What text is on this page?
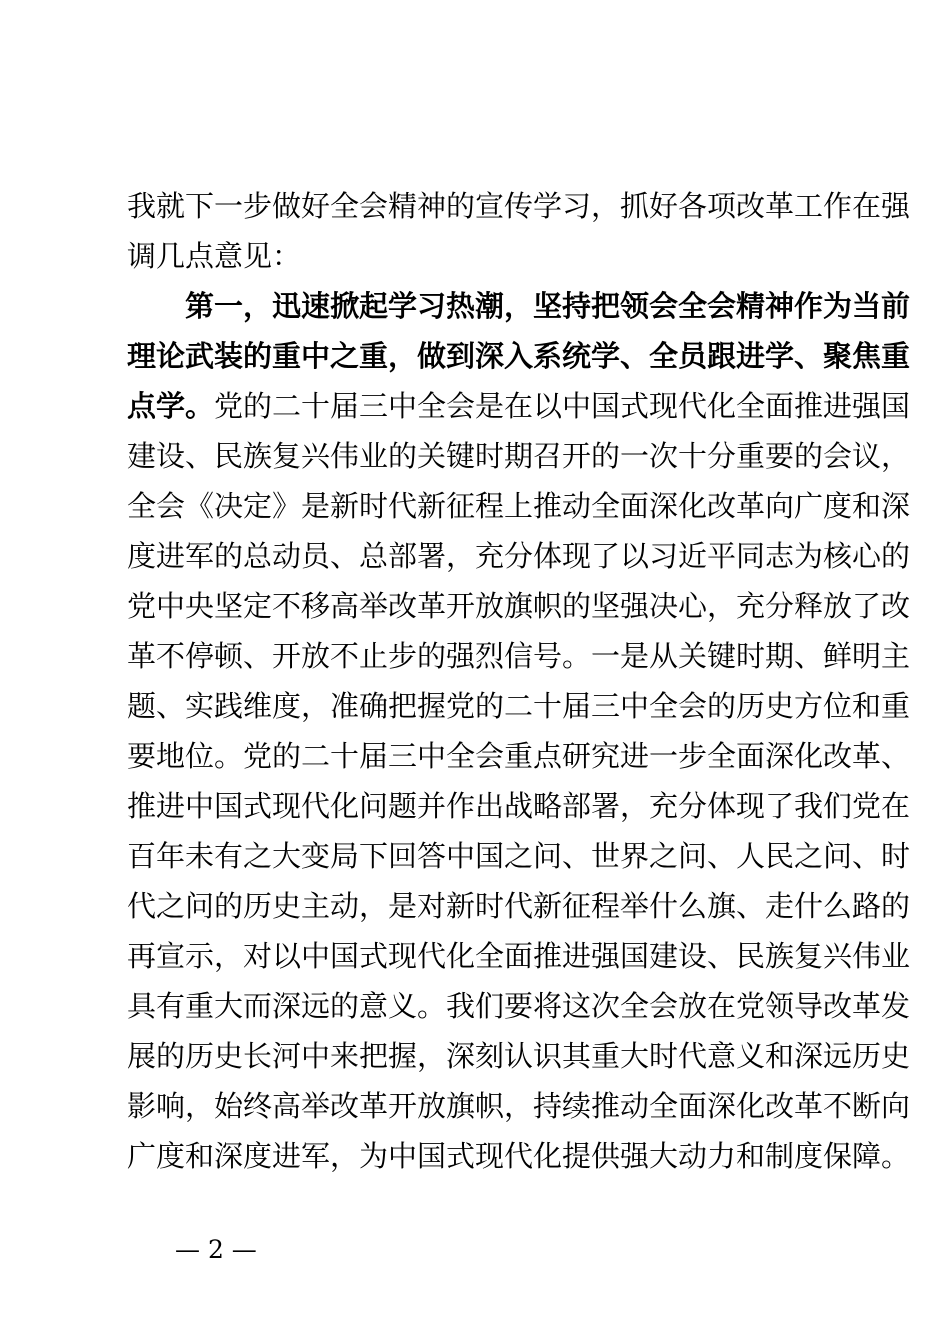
我就下一步做好全会精神的宣传学习，抓好各项改革工作在强
调几点意见：
第一，迅速掀起学习热潮，坚持把领会全会精神作为当前
理论武装的重中之重，做到深入系统学、全员跟进学、聚焦重
点学。党的二十届三中全会是在以中国式现代化全面推进强国
建设、民族复兴伟业的关键时期召开的一次十分重要的会议，
全会《决定》是新时代新征程上推动全面深化改革向广度和深
度进军的总动员、总部署，充分体现了以习近平同志为核心的
党中央坚定不移高举改革开放旗帜的坚强决心，充分释放了改
革不停顿、开放不止步的强烈信号。一是从关键时期、鲜明主
题、实践维度，准确把握党的二十届三中全会的历史方位和重
要地位。党的二十届三中全会重点研究进一步全面深化改革、
推进中国式现代化问题并作出战略部署，充分体现了我们党在
百年未有之大变局下回答中国之问、世界之问、人民之问、时
代之问的历史主动，是对新时代新征程举什么旗、走什么路的
再宣示，对以中国式现代化全面推进强国建设、民族复兴伟业
具有重大而深远的意义。我们要将这次全会放在党领导改革发
展的历史长河中来把握，深刻认识其重大时代意义和深远历史
影响，始终高举改革开放旗帜，持续推动全面深化改革不断向
广度和深度进军，为中国式现代化提供强大动力和制度保障。
— 2 —
